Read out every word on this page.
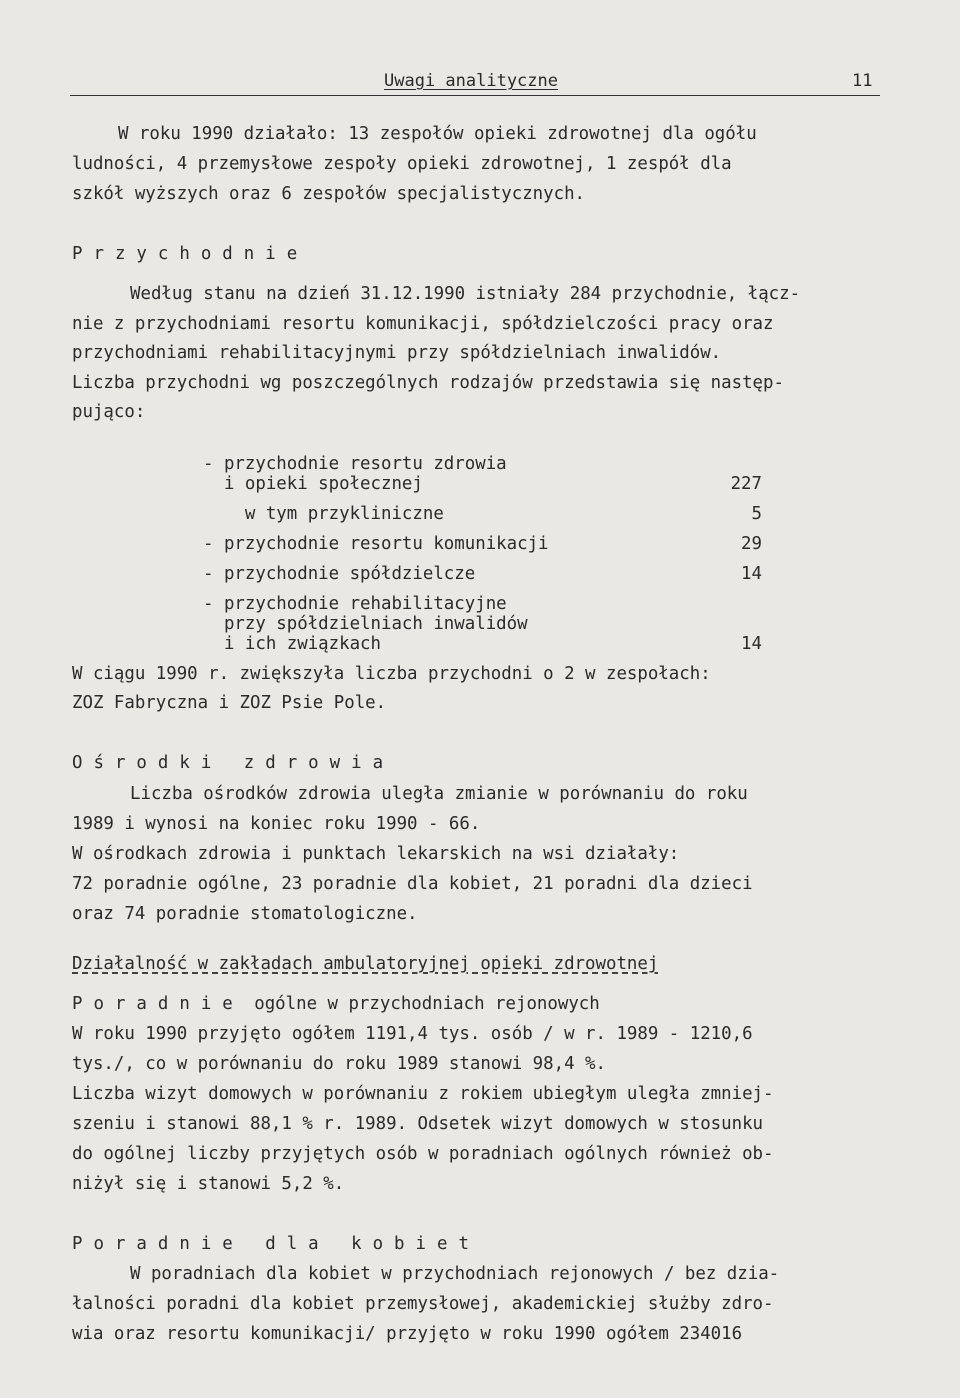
Uwagi analityczne	11
W roku 1990 działało: 13 zespołów opieki zdrowotnej dla ogółu
ludności, 4 przemysłowe zespoły opieki zdrowotnej, 1 zespół dla
szkół wyższych oraz 6 zespołów specjalistycznych.
Przychodnie
Według stanu na dzień 31.12.1990 istniały 284 przychodnie, łącz-
nie z przychodniami resortu komunikacji, spółdzielczości pracy oraz
przychodniami rehabilitacyjnymi przy spółdzielniach inwalidów.
Liczba przychodni wg poszczególnych rodzajów przedstawia się następ-
pująco:
- przychodnie resortu zdrowia
i opieki społecznej	227
w tym przykliniczne	5
- przychodnie resortu komunikacji	29
- przychodnie spółdzielcze	14
- przychodnie rehabilitacyjne
przy spółdzielniach inwalidów
i ich związkach	14
W ciągu 1990 r. zwiększyła liczba przychodni o 2 w zespołach:
ZOZ Fabryczna i ZOZ Psie Pole.
Ośrodki zdrowia
Liczba ośrodków zdrowia uległa zmianie w porównaniu do roku
1989 i wynosi na koniec roku 1990 - 66.
W ośrodkach zdrowia i punktach lekarskich na wsi działały:
72 poradnie ogólne, 23 poradnie dla kobiet, 21 poradni dla dzieci
oraz 74 poradnie stomatologiczne.
Działalność w zakładach ambulatoryjnej opieki zdrowotnej
Poradnie ogólne w przychodniach rejonowych
W roku 1990 przyjęto ogółem 1191,4 tys. osób / w r. 1989 - 1210,6
tys./, co w porównaniu do roku 1989 stanowi 98,4 %.
Liczba wizyt domowych w porównaniu z rokiem ubiegłym uległa zmniej-
szeniu i stanowi 88,1 % r. 1989. Odsetek wizyt domowych w stosunku
do ogólnej liczby przyjętych osób w poradniach ogólnych również ob-
niżył się i stanowi 5,2 %.
Poradnie dla kobiet
W poradniach dla kobiet w przychodniach rejonowych / bez dzia-
łalności poradni dla kobiet przemysłowej, akademickiej służby zdro-
wia oraz resortu komunikacji/ przyjęto w roku 1990 ogółem 234016
